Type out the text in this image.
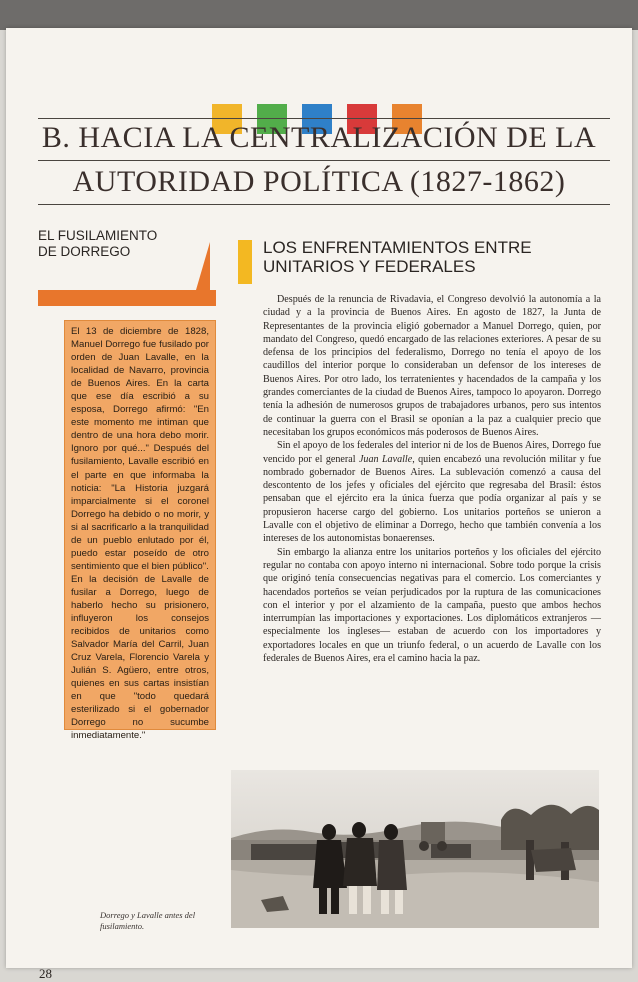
B. HACIA LA CENTRALIZACIÓN DE LA
AUTORIDAD POLÍTICA (1827-1862)
EL FUSILAMIENTO
DE DORREGO

El 13 de diciembre de 1828, Manuel Dorrego fue fusilado por orden de Juan Lavalle, en la localidad de Navarro, provincia de Buenos Aires. En la carta que ese día escribió a su esposa, Dorrego afirmó: "En este momento me intiman que dentro de una hora debo morir. Ignoro por qué..." Después del fusilamiento, Lavalle escribió en el parte en que informaba la noticia: "La Historia juzgará imparcialmente si el coronel Dorrego ha debido o no morir, y si al sacrificarlo a la tranquilidad de un pueblo enlutado por él, puedo estar poseído de otro sentimiento que el bien público".

En la decisión de Lavalle de fusilar a Dorrego, luego de haberlo hecho su prisionero, influyeron los consejos recibidos de unitarios como Salvador María del Carril, Juan Cruz Varela, Florencio Varela y Julián S. Agüero, entre otros, quienes en sus cartas insistían en que "todo quedará esterilizado si el gobernador Dorrego no sucumbe inmediatamente."

LOS ENFRENTAMIENTOS ENTRE
UNITARIOS Y FEDERALES

Después de la renuncia de Rivadavia, el Congreso devolvió la autonomía a la ciudad y a la provincia de Buenos Aires. En agosto de 1827, la Junta de Representantes de la provincia eligió gobernador a Manuel Dorrego, quien, por mandato del Congreso, quedó encargado de las relaciones exteriores. A pesar de su defensa de los principios del federalismo, Dorrego no tenía el apoyo de los caudillos del interior porque lo consideraban un defensor de los intereses de Buenos Aires. Por otro lado, los terratenientes y hacendados de la campaña y los grandes comerciantes de la ciudad de Buenos Aires, tampoco lo apoyaron. Dorrego tenía la adhesión de numerosos grupos de trabajadores urbanos, pero sus intentos de continuar la guerra con el Brasil se oponían a la paz a cualquier precio que necesitaban los grupos económicos más poderosos de Buenos Aires.

Sin el apoyo de los federales del interior ni de los de Buenos Aires, Dorrego fue vencido por el general Juan Lavalle, quien encabezó una revolución militar y fue nombrado gobernador de Buenos Aires. La sublevación comenzó a causa del descontento de los jefes y oficiales del ejército que regresaba del Brasil: éstos pensaban que el ejército era la única fuerza que podía organizar al país y se propusieron hacerse cargo del gobierno. Los unitarios porteños se unieron a Lavalle con el objetivo de eliminar a Dorrego, hecho que también convenía a los intereses de los autonomistas bonaerenses.

Sin embargo la alianza entre los unitarios porteños y los oficiales del ejército regular no contaba con apoyo interno ni internacional. Sobre todo porque la crisis que originó tenía consecuencias negativas para el comercio. Los comerciantes y hacendados porteños se veían perjudicados por la ruptura de las comunicaciones con el interior y por el alzamiento de la campaña, puesto que ambos hechos interrumpían las importaciones y exportaciones. Los diplomáticos extranjeros —especialmente los ingleses— estaban de acuerdo con los importadores y exportadores locales en que un triunfo federal, o un acuerdo de Lavalle con los federales de Buenos Aires, era el camino hacia la paz.

Dorrego y Lavalle antes del fusilamiento.
28
